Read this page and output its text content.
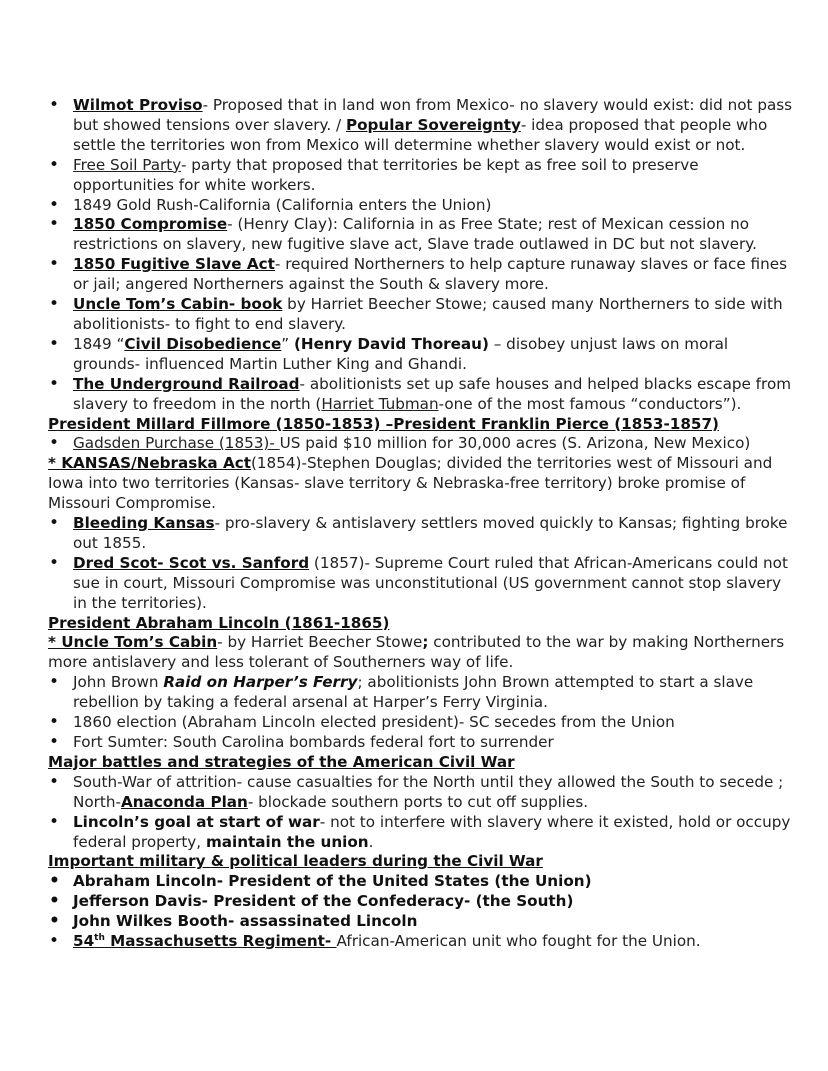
• Wilmot Proviso- Proposed that in land won from Mexico- no slavery would exist: did not pass but showed tensions over slavery. / Popular Sovereignty- idea proposed that people who settle the territories won from Mexico will determine whether slavery would exist or not.
• Free Soil Party- party that proposed that territories be kept as free soil to preserve opportunities for white workers.
• 1849 Gold Rush-California (California enters the Union)
• 1850 Compromise- (Henry Clay): California in as Free State; rest of Mexican cession no restrictions on slavery, new fugitive slave act, Slave trade outlawed in DC but not slavery.
• 1850 Fugitive Slave Act- required Northerners to help capture runaway slaves or face fines or jail; angered Northerners against the South & slavery more.
• Uncle Tom’s Cabin- book by Harriet Beecher Stowe; caused many Northerners to side with abolitionists- to fight to end slavery.
• 1849 “Civil Disobedience” (Henry David Thoreau) – disobey unjust laws on moral grounds- influenced Martin Luther King and Ghandi.
• The Underground Railroad- abolitionists set up safe houses and helped blacks escape from slavery to freedom in the north (Harriet Tubman-one of the most famous “conductors”).

President Millard Fillmore (1850-1853) –President Franklin Pierce (1853-1857)

• Gadsden Purchase (1853)- US paid $10 million for 30,000 acres (S. Arizona, New Mexico)

* KANSAS/Nebraska Act(1854)-Stephen Douglas; divided the territories west of Missouri and Iowa into two territories (Kansas- slave territory & Nebraska-free territory) broke promise of Missouri Compromise.

• Bleeding Kansas- pro-slavery & antislavery settlers moved quickly to Kansas; fighting broke out 1855.
• Dred Scot- Scot vs. Sanford (1857)- Supreme Court ruled that African-Americans could not sue in court, Missouri Compromise was unconstitutional (US government cannot stop slavery in the territories).

President Abraham Lincoln (1861-1865)

* Uncle Tom’s Cabin- by Harriet Beecher Stowe; contributed to the war by making Northerners more antislavery and less tolerant of Southerners way of life.

• John Brown Raid on Harper’s Ferry; abolitionists John Brown attempted to start a slave rebellion by taking a federal arsenal at Harper’s Ferry Virginia.
• 1860 election (Abraham Lincoln elected president)- SC secedes from the Union
• Fort Sumter: South Carolina bombards federal fort to surrender

Major battles and strategies of the American Civil War

• South-War of attrition- cause casualties for the North until they allowed the South to secede ; North-Anaconda Plan- blockade southern ports to cut off supplies.
• Lincoln’s goal at start of war- not to interfere with slavery where it existed, hold or occupy federal property, maintain the union.

Important military & political leaders during the Civil War

• Abraham Lincoln- President of the United States (the Union)
• Jefferson Davis- President of the Confederacy- (the South)
• John Wilkes Booth- assassinated Lincoln
• 54th Massachusetts Regiment- African-American unit who fought for the Union.
